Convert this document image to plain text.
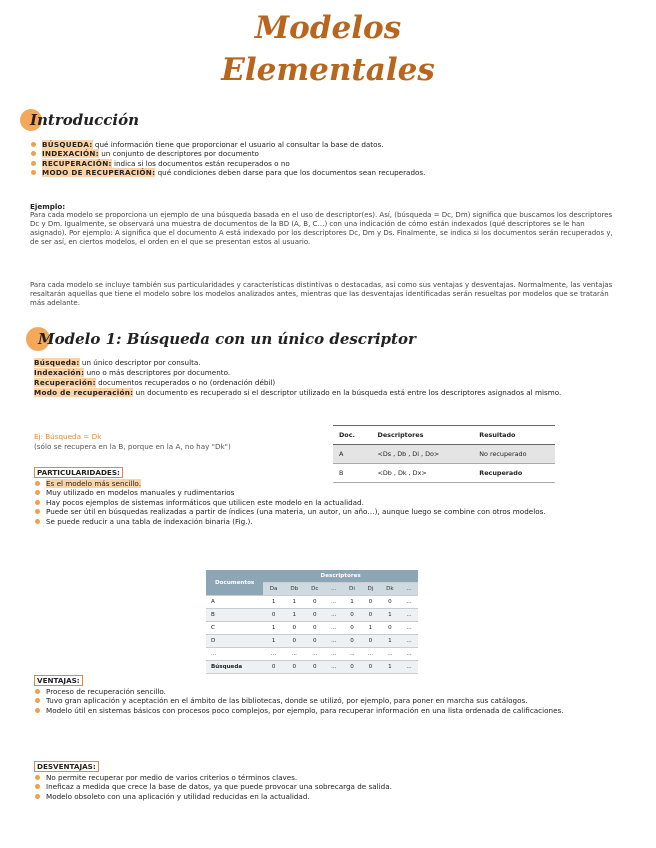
Modelos
Elementales
Introducción
BÚSQUEDA: qué información tiene que proporcionar el usuario al consultar la base de datos.
INDEXACIÓN: un conjunto de descriptores por documento
RECUPERACIÓN: indica si los documentos están recuperados o no
MODO DE RECUPERACIÓN: qué condiciones deben darse para que los documentos sean recuperados.
Ejemplo:
Para cada modelo se proporciona un ejemplo de una búsqueda basada en el uso de descriptor(es). Así, (búsqueda = Dc, Dm) significa que buscamos los descriptores Dc y Dm. Igualmente, se observará una muestra de documentos de la BD (A, B, C…) con una indicación de cómo están indexados (qué descriptores se le han asignado). Por ejemplo: A significa que el documento A está indexado por los descriptores Dc, Dm y Ds. Finalmente, se indica si los documentos serán recuperados y, de ser así, en ciertos modelos, el orden en el que se presentan estos al usuario.
Para cada modelo se incluye también sus particularidades y características distintivas o destacadas, así como sus ventajas y desventajas. Normalmente, las ventajas resaltarán aquellas que tiene el modelo sobre los modelos analizados antes, mientras que las desventajas identificadas serán resueltas por modelos que se tratarán más adelante.
Modelo 1: Búsqueda con un único descriptor
Búsqueda: un único descriptor por consulta.
Indexación: uno o más descriptores por documento.
Recuperación: documentos recuperados o no (ordenación débil)
Modo de recuperación: un documento es recuperado si el descriptor utilizado en la búsqueda está entre los descriptores asignados al mismo.
Ej: Búsqueda = Dk
(sólo se recupera en la B, porque en la A, no hay "Dk")
Doc.	Descriptores	Resultado
A	<Ds , Db , Di , Do>	No recuperado
B	<Db , Dk , Dx>	Recuperado
PARTICULARIDADES:
Es el modelo más sencillo.
Muy utilizado en modelos manuales y rudimentarios
Hay pocos ejemplos de sistemas informáticos que utilicen este modelo en la actualidad.
Puede ser útil en búsquedas realizadas a partir de índices (una materia, un autor, un año…), aunque luego se combine con otros modelos.
Se puede reducir a una tabla de indexación binaria (Fig.).
Documentos	Descriptores							
	Da	Db	Dc	...	Di	Dj	Dk	...
A	1	1	0	...	1	0	0	...
B	0	1	0	...	0	0	1	...
C	1	0	0	...	0	1	0	...
D	1	0	0	...	0	0	1	...
...	...	...	...	...	...	...	...	...
Búsqueda	0	0	0	...	0	0	1	...
VENTAJAS:
Proceso de recuperación sencillo.
Tuvo gran aplicación y aceptación en el ámbito de las bibliotecas, donde se utilizó, por ejemplo, para poner en marcha sus catálogos.
Modelo útil en sistemas básicos con procesos poco complejos, por ejemplo, para recuperar información en una lista ordenada de calificaciones.
DESVENTAJAS:
No permite recuperar por medio de varios criterios o términos claves.
Ineficaz a medida que crece la base de datos, ya que puede provocar una sobrecarga de salida.
Modelo obsoleto con una aplicación y utilidad reducidas en la actualidad.
